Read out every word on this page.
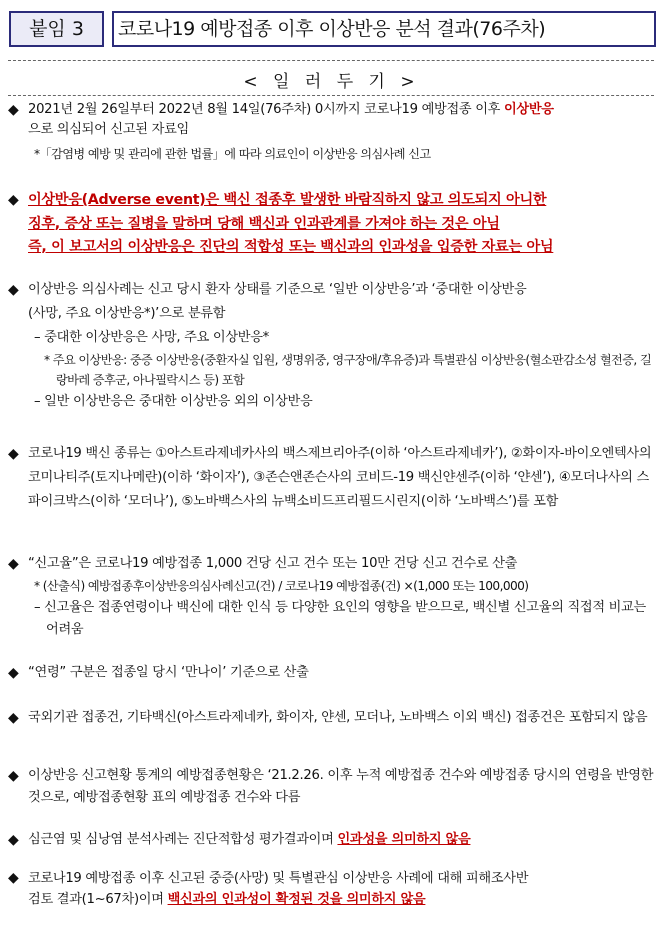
붙임 3	코로나19 예방접종 이후 이상반응 분석 결과(76주차)
< 일 러 두 기 >
◆ 2021년 2월 26일부터 2022년 8월 14일(76주차) 0시까지 코로나19 예방접종 이후 이상반응
으로 의심되어 신고된 자료임
*「감염병 예방 및 관리에 관한 법률」에 따라 의료인이 이상반응 의심사례 신고
◆ 이상반응(Adverse event)은 백신 접종후 발생한 바람직하지 않고 의도되지 아니한
징후, 증상 또는 질병을 말하며 당해 백신과 인과관계를 가져야 하는 것은 아님
즉, 이 보고서의 이상반응은 진단의 적합성 또는 백신과의 인과성을 입증한 자료는 아님
◆ 이상반응 의심사례는 신고 당시 환자 상태를 기준으로 ‘일반 이상반응’과 ‘중대한 이상반응
(사망, 주요 이상반응*)’으로 분류함
– 중대한 이상반응은 사망, 주요 이상반응*
* 주요 이상반응: 중증 이상반응(중환자실 입원, 생명위중, 영구장애/후유증)과 특별관심 이상반응(혈소판감소성 혈전증, 길랑바레 증후군, 아나필락시스 등) 포함
– 일반 이상반응은 중대한 이상반응 외의 이상반응
◆ 코로나19 백신 종류는 ①아스트라제네카사의 백스제브리아주(이하 ‘아스트라제네카’), ②화이자-바이오엔텍사의 코미나티주(토지나메란)(이하 ‘화이자’), ③존슨앤존슨사의 코비드-19 백신얀센주(이하 ‘얀센’), ④모더나사의 스파이크박스(이하 ‘모더나’), ⑤노바백스사의 뉴백소비드프리필드시린지(이하 ‘노바백스’)를 포함
◆ “신고율”은 코로나19 예방접종 1,000 건당 신고 건수 또는 10만 건당 신고 건수로 산출
* (산출식) 예방접종후이상반응의심사례신고(건) / 코로나19 예방접종(건) ×(1,000 또는 100,000)
– 신고율은 접종연령이나 백신에 대한 인식 등 다양한 요인의 영향을 받으므로, 백신별 신고율의 직접적 비교는 어려움
◆ “연령” 구분은 접종일 당시 ‘만나이’ 기준으로 산출
◆ 국외기관 접종건, 기타백신(아스트라제네카, 화이자, 얀센, 모더나, 노바백스 이외 백신) 접종건은 포함되지 않음
◆ 이상반응 신고현황 통계의 예방접종현황은 ‘21.2.26. 이후 누적 예방접종 건수와 예방접종 당시의 연령을 반영한 것으로, 예방접종현황 표의 예방접종 건수와 다름
◆ 심근염 및 심낭염 분석사례는 진단적합성 평가결과이며 인과성을 의미하지 않음
◆ 코로나19 예방접종 이후 신고된 중증(사망) 및 특별관심 이상반응 사례에 대해 피해조사반
검토 결과(1~67차)이며 백신과의 인과성이 확정된 것을 의미하지 않음
